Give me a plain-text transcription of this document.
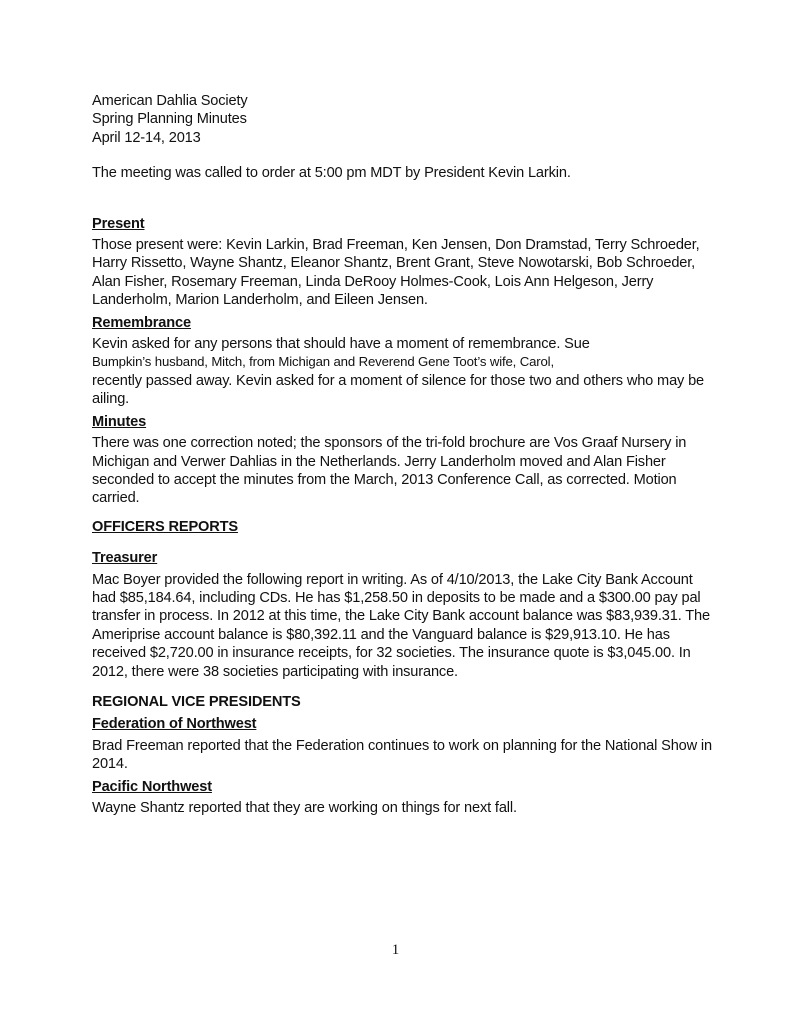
American Dahlia Society
Spring Planning Minutes
April 12-14, 2013
The meeting was called to order at 5:00 pm MDT by President Kevin Larkin.
Present

Those present were: Kevin Larkin, Brad Freeman, Ken Jensen, Don Dramstad, Terry Schroeder, Harry Rissetto, Wayne Shantz, Eleanor Shantz, Brent Grant, Steve Nowotarski, Bob Schroeder, Alan Fisher, Rosemary Freeman, Linda DeRooy Holmes-Cook, Lois Ann Helgeson, Jerry Landerholm, Marion Landerholm, and Eileen Jensen.

Remembrance

Kevin asked for any persons that should have a moment of remembrance. Sue
Bumpkin’s husband, Mitch, from Michigan and Reverend Gene Toot’s wife, Carol,
recently passed away. Kevin asked for a moment of silence for those two and others who may be ailing.

Minutes

There was one correction noted; the sponsors of the tri-fold brochure are Vos Graaf Nursery in Michigan and Verwer Dahlias in the Netherlands. Jerry Landerholm moved and Alan Fisher seconded to accept the minutes from the March, 2013 Conference Call, as corrected. Motion carried.

OFFICERS REPORTS
Treasurer

Mac Boyer provided the following report in writing. As of 4/10/2013, the Lake City Bank Account had $85,184.64, including CDs. He has $1,258.50 in deposits to be made and a $300.00 pay pal transfer in process. In 2012 at this time, the Lake City Bank account balance was $83,939.31. The Ameriprise account balance is $80,392.11 and the Vanguard balance is $29,913.10. He has received $2,720.00 in insurance receipts, for 32 societies. The insurance quote is $3,045.00. In 2012, there were 38 societies participating with insurance.

REGIONAL VICE PRESIDENTS
Federation of Northwest

Brad Freeman reported that the Federation continues to work on planning for the National Show in 2014.

Pacific Northwest

Wayne Shantz reported that they are working on things for next fall.

1
